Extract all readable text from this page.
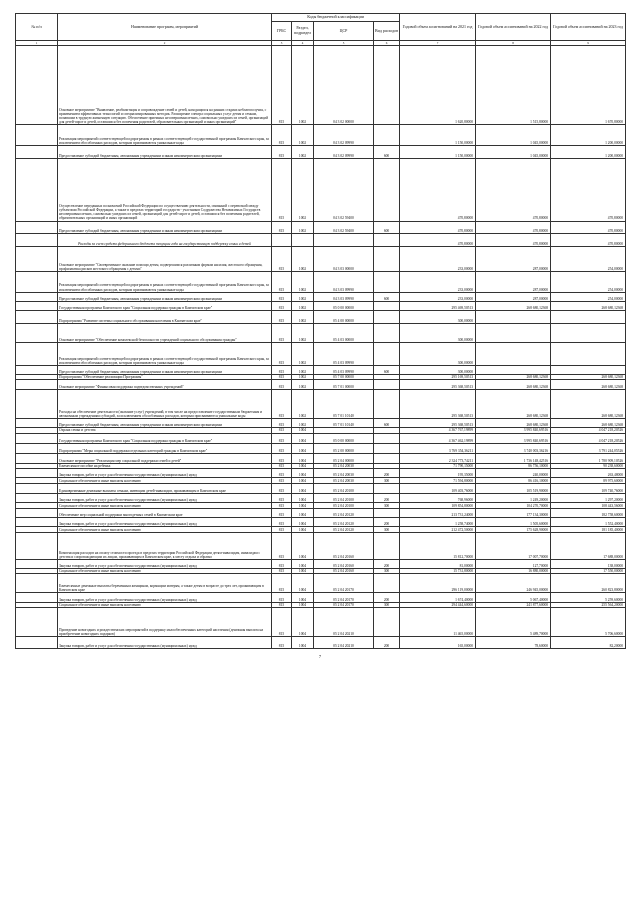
№ п/п	Наименование программ, мероприятий	Коды бюджетной классификации				Годовой объем ассигнований на 2021 год	Годовой объем ассигнований на 2022 год	Годовой объем ассигнований на 2023 год
		ГРБС	Раздел, подраздел	ЦСР	Вид расходов			
1	2	3	4	5	6	7	8	9
	Основное мероприятие "Выявление, реабилитация и сопровождение семей и детей, находящихся на ранних стадиях неблагополучия, с применением эффективных технологий и специализированных методик. Расширение спектра социальных услуг детям и семьям, попавшим в трудную жизненную ситуацию. Обеспечение приемных несовершеннолетних, самовольно ушедших из семей, организаций для детей-сирот и детей, оставшихся без попечения родителей, образовательных организаций и иных организаций"	815	1002	04 3 02 00000		1 620,80000	1 515,80000	1 670,80000
	Реализация мероприятий соответствующей подпрограммы в рамках соответствующей государственной программы Камчатского края, за исключением обособленных расходов, которым присваиваются уникальные коды	815	1002	04 3 02 09990		1 150,00000	1 045,00000	1 200,00000
	Предоставление субсидий бюджетным, автономным учреждениям и иным некоммерческим организациям	815	1002	04 3 02 09990	600	1 150,00000	1 045,00000	1 200,00000
	Осуществление переданных полномочий Российской Федерации по осуществлению деятельности, связанной с перевозкой между субъектами Российской Федерации, а также в пределах территорий государств - участников Содружества Независимых Государств несовершеннолетних, самовольно ушедших из семей, организаций для детей-сирот и детей, оставшихся без попечения родителей, образовательных организаций и иных организаций	815	1002	04 3 02 59400		470,80000	470,80000	470,80000
	Предоставление субсидий бюджетным, автономным учреждениям и иным некоммерческим организациям	815	1002	04 3 02 59400	600	470,80000	470,80000	470,80000
	Расходы за счет средств федерального бюджета текущим года на государственную поддержку семьи и детей					470,80000	470,80000	470,80000
	Основное мероприятие "Своевременное оказание помощи детям, подвергшимся различным формам насилия, жестокого обращения, профилактика рисков жестокого обращения с детьми"	815	1002	04 3 03 00000		233,00000	287,00000	254,00000
	Реализация мероприятий соответствующей подпрограммы в рамках соответствующей государственной программы Камчатского края, за исключением обособленных расходов, которым присваиваются уникальные коды	815	1002	04 3 03 09990		233,00000	287,00000	254,00000
	Предоставление субсидий бюджетным, автономным учреждениям и иным некоммерческим организациям	815	1002	04 3 03 09990	600	233,00000	287,00000	254,00000
	Государственная программа Камчатского края "Социальная поддержка граждан в Камчатском крае"	815	1002	05 0 00 00000		295 469,50513	268 680,12368	268 680,12368
	Подпрограмма "Развитие системы социального обслуживания населения в Камчатском крае"	815	1002	05 4 00 00000		300,00000		
	Основное мероприятие "Обеспечение комплексной безопасности учреждений социального обслуживания граждан"	815	1002	05 4 03 00000		300,00000		
	Реализация мероприятий соответствующей подпрограммы в рамках соответствующей государственной программы Камчатского края, за исключением обособленных расходов, которым присваиваются уникальные коды	815	1002	05 4 03 09990		300,00000		
	Предоставление субсидий бюджетным, автономным учреждениям и иным некоммерческим организациям	815	1002	05 4 03 09990	600	300,00000		
	Подпрограмма "Обеспечение реализации Программы"	815	1002	05 7 00 00000		295 169,50513	268 680,12368	268 680,12368
	Основное мероприятие "Финансовая поддержка подведомственных учреждений"	815	1002	05 7 01 00000		295 368,50513	268 680,12368	268 680,12368
	Расходы на обеспечение деятельности (оказание услуг) учреждений, в том числе на предоставление государственным бюджетным и автономным учреждениям субсидий, за исключением обособленных расходов, которым присваиваются уникальные коды	815	1002	05 7 01 10140		295 368,50513	268 680,12368	268 680,12368
	Предоставление субсидий бюджетным, автономным учреждениям и иным некоммерческим организациям	815	1002	05 7 01 10140	600	295 368,50513	268 680,12368	268 680,12368
	Охрана семьи и детства	815	1004			4 367 767,19899	3 995 840,69516	4 047 218,20526
	Государственная программа Камчатского края "Социальная поддержка граждан в Камчатском крае"	815	1004	05 0 00 00000		4 367 462,19899	3 995 840,69516	4 047 218,20526
	Подпрограмма "Меры социальной поддержки отдельных категорий граждан в Камчатском крае"	815	1004	05 2 00 00000		3 769 354,36211	3 740 003,36216	3 791 244,05526
	Основное мероприятие "Реализация мер социальной поддержки семей и детей"	815	1004	05 2 04 00000		2 324 773,74211	1 736 148,42516	1 780 909,10526
	Ежемесячное пособие на ребенка	815	1004	05 2 04 20030		71 790,15000	86 756,10000	90 238,60000
	Закупка товаров, работ и услуг для обеспечения государственных (муниципальных) нужд	815	1004	05 2 04 20030	200	195,35000	240,00000	263,48000
	Социальное обеспечение и иные выплаты населению	815	1004	05 2 04 20030	300	71 594,80000	86 416,10000	89 975,60000
	Единовременные денежные выплаты семьям, имеющим детей-инвалидов, проживающим в Камчатском крае	815	1004	05 2 04 20100		109 403,76000	105 519,90000	109 740,76000
	Закупка товаров, работ и услуг для обеспечения государственных (муниципальных) нужд	815	1004	05 2 04 20100	200	768,96000	1 249,20000	1 297,20000
	Социальное обеспечение и иные выплаты населению	815	1004	05 2 04 20100	300	109 854,80000	104 270,70000	108 443,56000
	Обеспечение мер социальной поддержки многодетных семей в Камчатском крае	815	1004	05 2 04 20120		213 731,24000	177 134,30000	182 758,60000
	Закупка товаров, работ и услуг для обеспечения государственных (муниципальных) нужд	815	1004	05 2 04 20120	200	1 258,74000	1 505,60000	1 552,40000
	Социальное обеспечение и иные выплаты населению	815	1004	05 2 04 20120	300	212 472,50000	175 628,90000	181 185,40000
	Компенсация расходов на оплату стоимости проезда в пределах территории Российской Федерации детям-инвалидам, инвалидам с детства и сопровождающим их лицам, проживающим в Камчатском крае, к месту отдыха и обратно	815	1004	05 2 04 20160		15 812,70000	17 007,70000	17 688,00000
	Закупка товаров, работ и услуг для обеспечения государственных (муниципальных) нужд	815	1004	05 2 04 20160	200	81,00000	127,70000	138,00000
	Социальное обеспечение и иные выплаты населению	815	1004	05 2 04 20160	300	15 731,80000	16 880,00000	17 550,00000
	Ежемесячные денежные выплаты беременным женщинам, кормящим матерям, а также детям в возрасте до трех лет, проживающим в Камчатском крае	815	1004	05 2 04 20170		296 119,00000	246 945,00000	260 823,80000
	Закупка товаров, работ и услуг для обеспечения государственных (муниципальных) нужд	815	1004	05 2 04 20170	200	1 674,40000	5 067,40000	5 259,60000
	Социальное обеспечение и иные выплаты населению	815	1004	05 2 04 20170	300	294 444,60000	241 877,60000	255 564,20000
	Проведение новогодних и рождественских мероприятий в поддержку малообеспеченных категорий населения (денежная выплата на приобретение новогодних подарков)	815	1004	05 2 04 20210		11 465,00000	5 489,70000	5 706,60000
	Закупка товаров, работ и услуг для обеспечения государственных (муниципальных) нужд	815	1004	05 2 04 20210	200	165,00000	78,60000	82,20000
7
